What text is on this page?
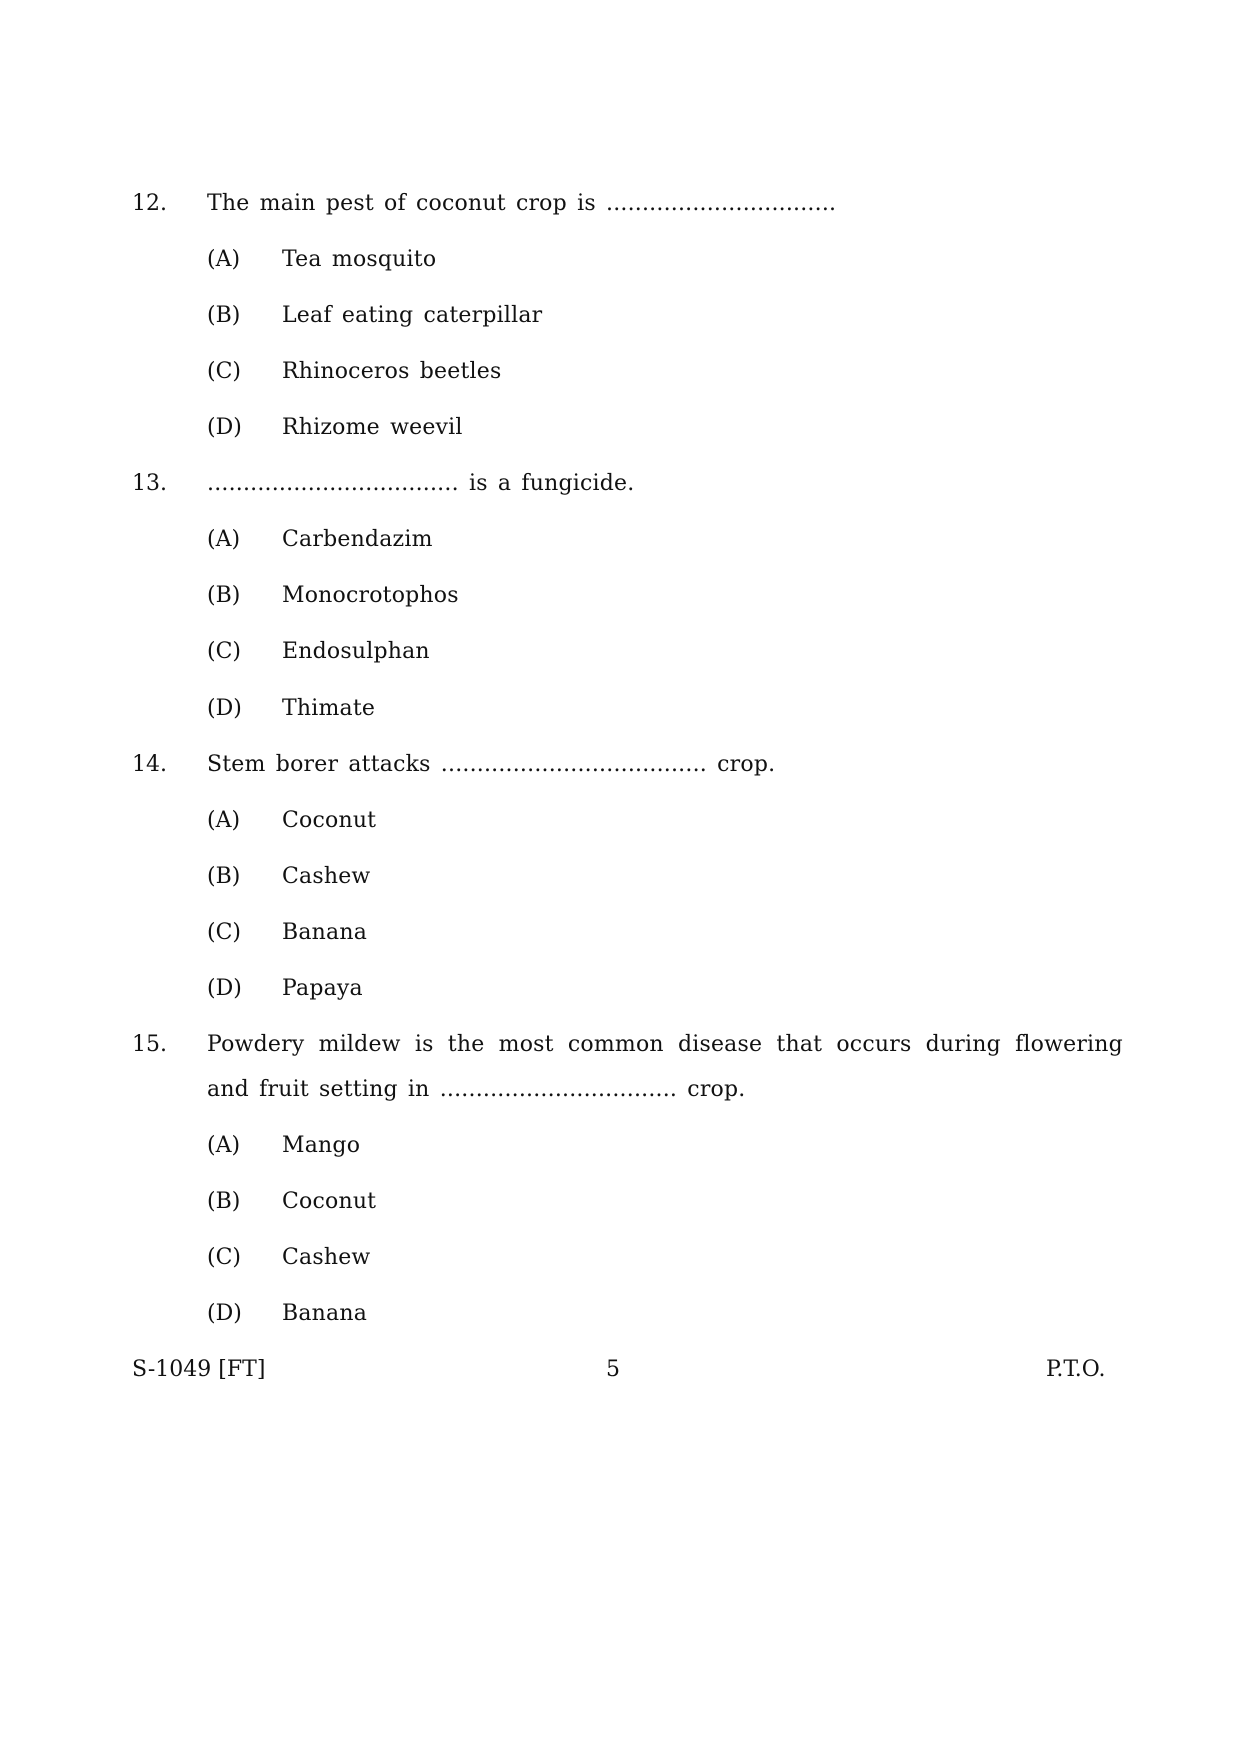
12. The main pest of coconut crop is ................................
(A) Tea mosquito
(B) Leaf eating caterpillar
(C) Rhinoceros beetles
(D) Rhizome weevil
13. ................................... is a fungicide.
(A) Carbendazim
(B) Monocrotophos
(C) Endosulphan
(D) Thimate
14. Stem borer attacks ..................................... crop.
(A) Coconut
(B) Cashew
(C) Banana
(D) Papaya
15. Powdery mildew is the most common disease that occurs during flowering
and fruit setting in ................................. crop.
(A) Mango
(B) Coconut
(C) Cashew
(D) Banana
S-1049 [FT]	5	P.T.O.
